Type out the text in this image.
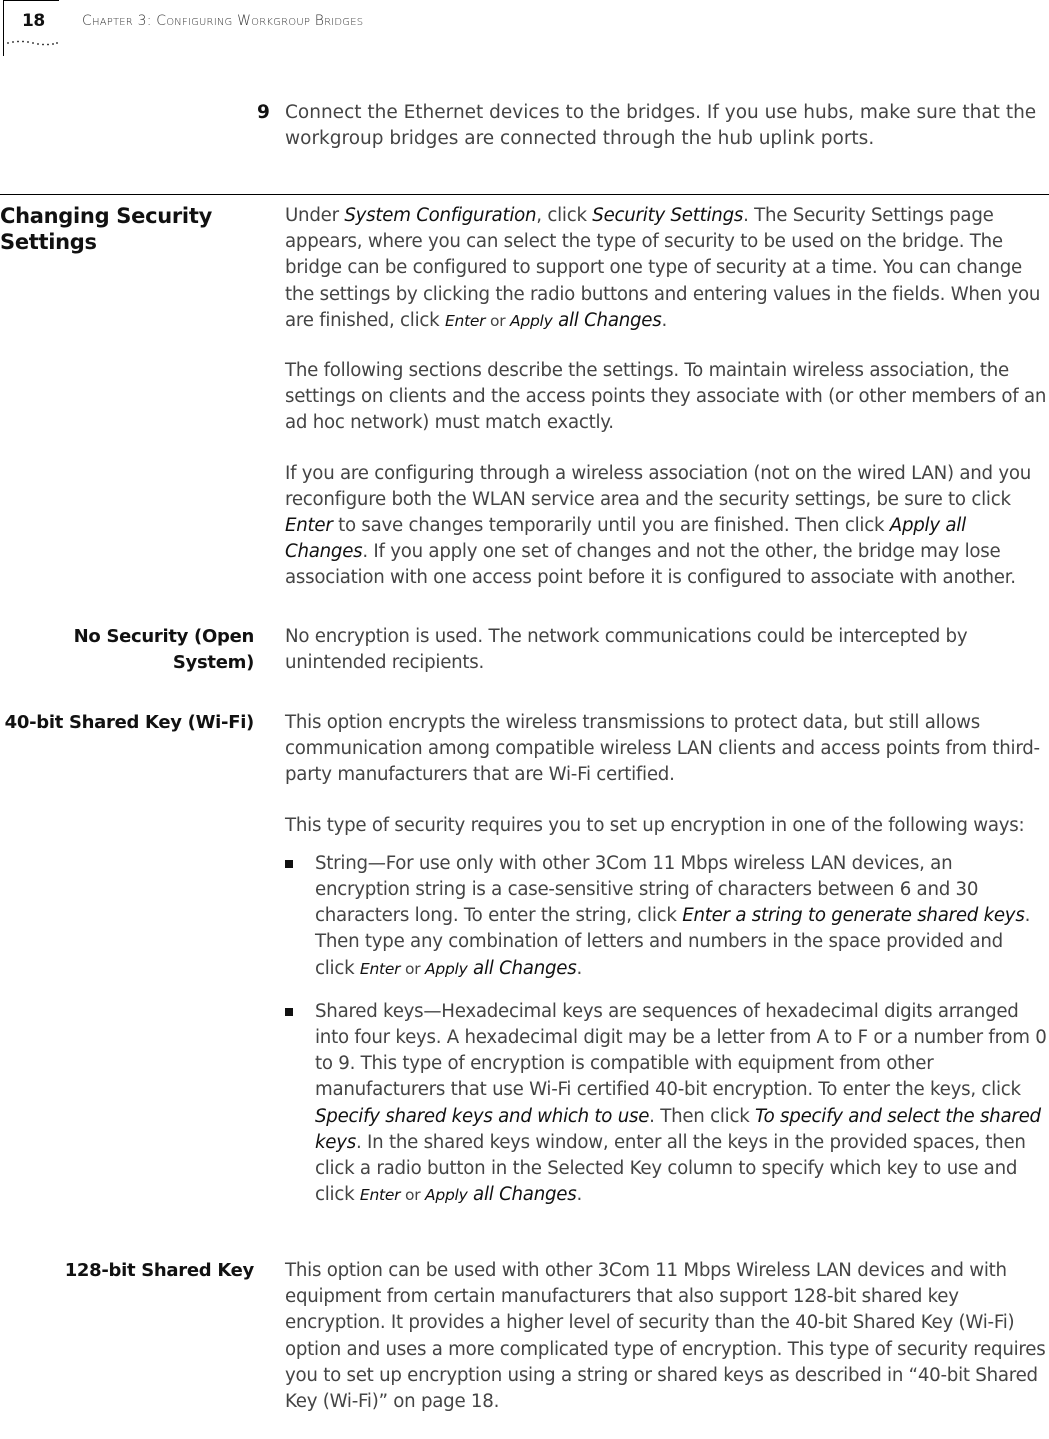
18	Chapter 3: Configuring Workgroup Bridges
9 Connect the Ethernet devices to the bridges. If you use hubs, make sure that the workgroup bridges are connected through the hub uplink ports.
Changing Security Settings

Under System Configuration, click Security Settings. The Security Settings page appears, where you can select the type of security to be used on the bridge. The bridge can be configured to support one type of security at a time. You can change the settings by clicking the radio buttons and entering values in the fields. When you are finished, click Enter or Apply all Changes.

The following sections describe the settings. To maintain wireless association, the settings on clients and the access points they associate with (or other members of an ad hoc network) must match exactly.

If you are configuring through a wireless association (not on the wired LAN) and you reconfigure both the WLAN service area and the security settings, be sure to click Enter to save changes temporarily until you are finished. Then click Apply all Changes. If you apply one set of changes and not the other, the bridge may lose association with one access point before it is configured to associate with another.

No Security (Open System)

No encryption is used. The network communications could be intercepted by unintended recipients.

40-bit Shared Key (Wi-Fi) This option encrypts the wireless transmissions to protect data, but still allows communication among compatible wireless LAN clients and access points from third-party manufacturers that are Wi-Fi certified.

This type of security requires you to set up encryption in one of the following ways:

String—For use only with other 3Com 11 Mbps wireless LAN devices, an encryption string is a case-sensitive string of characters between 6 and 30 characters long. To enter the string, click Enter a string to generate shared keys. Then type any combination of letters and numbers in the space provided and click Enter or Apply all Changes.
Shared keys—Hexadecimal keys are sequences of hexadecimal digits arranged into four keys. A hexadecimal digit may be a letter from A to F or a number from 0 to 9. This type of encryption is compatible with equipment from other manufacturers that use Wi-Fi certified 40-bit encryption. To enter the keys, click Specify shared keys and which to use. Then click To specify and select the shared keys. In the shared keys window, enter all the keys in the provided spaces, then click a radio button in the Selected Key column to specify which key to use and click Enter or Apply all Changes.
128-bit Shared Key This option can be used with other 3Com 11 Mbps Wireless LAN devices and with equipment from certain manufacturers that also support 128-bit shared key encryption. It provides a higher level of security than the 40-bit Shared Key (Wi-Fi) option and uses a more complicated type of encryption. This type of security requires you to set up encryption using a string or shared keys as described in “40-bit Shared Key (Wi-Fi)” on page 18.
